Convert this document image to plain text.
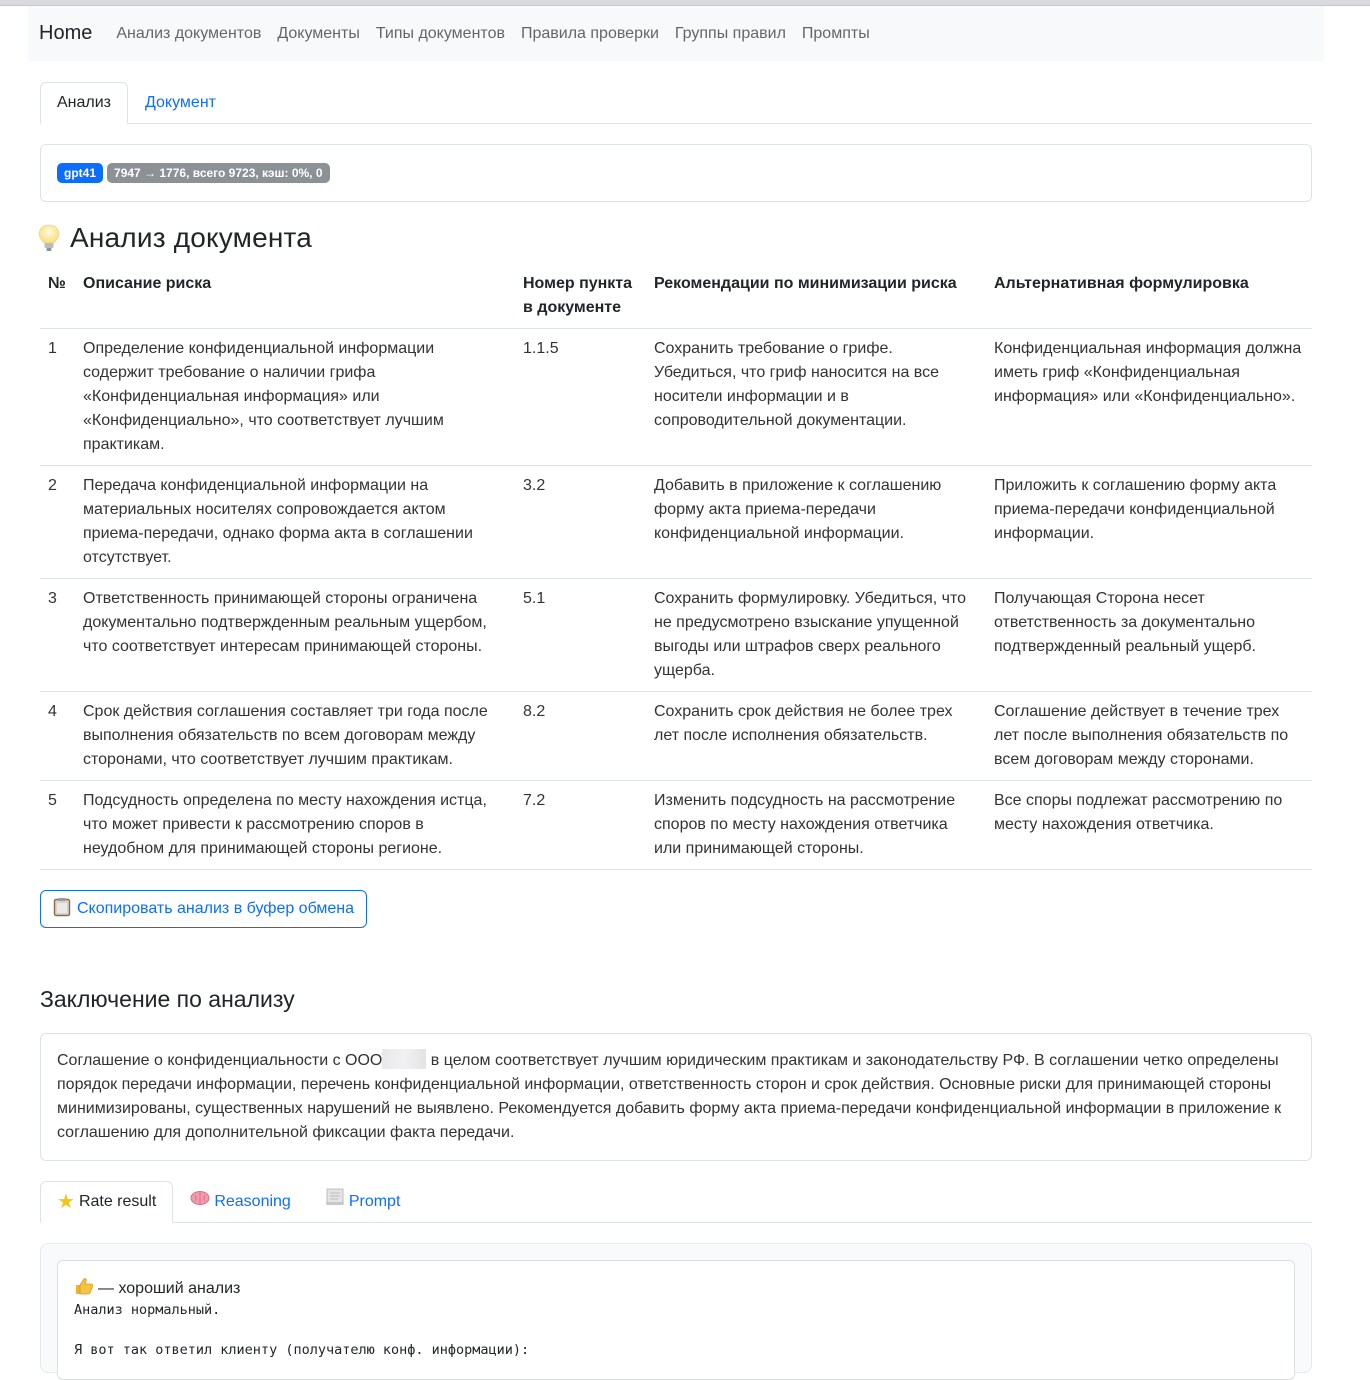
Home Анализ документов Документы Типы документов Правила проверки Группы правил Промпты
Анализ	Документ
gpt41	7947 → 1776, всего 9723, кэш: 0%, 0
Анализ документа
№	Описание риска	Номер пункта в документе	Рекомендации по минимизации риска	Альтернативная формулировка
1	Определение конфиденциальной информации содержит требование о наличии грифа «Конфиденциальная информация» или «Конфиденциально», что соответствует лучшим практикам.	1.1.5	Сохранить требование о грифе. Убедиться, что гриф наносится на все носители информации и в сопроводительной документации.	Конфиденциальная информация должна иметь гриф «Конфиденциальная информация» или «Конфиденциально».
2	Передача конфиденциальной информации на материальных носителях сопровождается актом приема-передачи, однако форма акта в соглашении отсутствует.	3.2	Добавить в приложение к соглашению форму акта приема-передачи конфиденциальной информации.	Приложить к соглашению форму акта приема-передачи конфиденциальной информации.
3	Ответственность принимающей стороны ограничена документально подтвержденным реальным ущербом, что соответствует интересам принимающей стороны.	5.1	Сохранить формулировку. Убедиться, что не предусмотрено взыскание упущенной выгоды или штрафов сверх реального ущерба.	Получающая Сторона несет ответственность за документально подтвержденный реальный ущерб.
4	Срок действия соглашения составляет три года после выполнения обязательств по всем договорам между сторонами, что соответствует лучшим практикам.	8.2	Сохранить срок действия не более трех лет после исполнения обязательств.	Соглашение действует в течение трех лет после выполнения обязательств по всем договорам между сторонами.
5	Подсудность определена по месту нахождения истца, что может привести к рассмотрению споров в неудобном для принимающей стороны регионе.	7.2	Изменить подсудность на рассмотрение споров по месту нахождения ответчика или принимающей стороны.	Все споры подлежат рассмотрению по месту нахождения ответчика.
Скопировать анализ в буфер обмена
Заключение по анализу
Соглашение о конфиденциальности с ООО	в целом соответствует лучшим юридическим практикам и законодательству РФ. В соглашении четко определены порядок передачи информации, перечень конфиденциальной информации, ответственность сторон и срок действия. Основные риски для принимающей стороны минимизированы, существенных нарушений не выявлено. Рекомендуется добавить форму акта приема-передачи конфиденциальной информации в приложение к соглашению для дополнительной фиксации факта передачи.
★ Rate result	Reasoning	Prompt
— хороший анализ
Анализ нормальный.
Я вот так ответил клиенту (получателю конф. информации):
